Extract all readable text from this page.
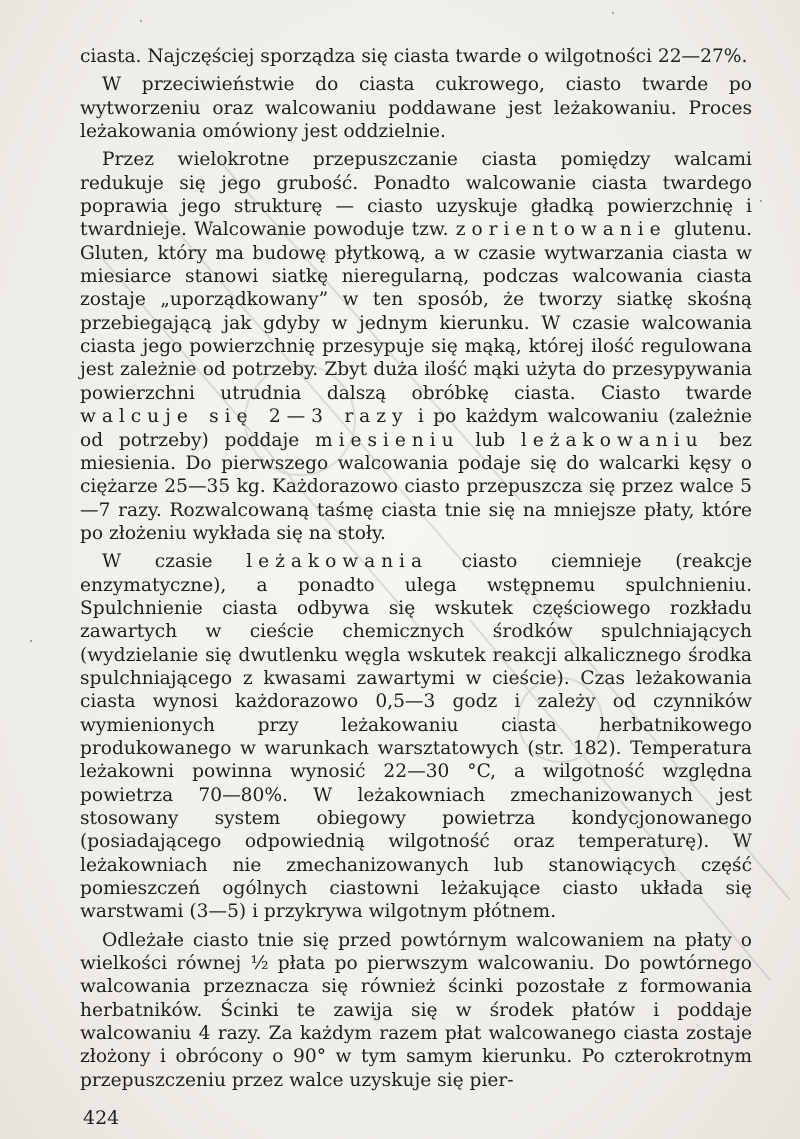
ciasta. Najczęściej sporządza się ciasta twarde o wilgotności 22—27%.

W przeciwieństwie do ciasta cukrowego, ciasto twarde po wytworzeniu oraz walcowaniu poddawane jest leżakowaniu. Proces leżakowania omówiony jest oddzielnie.

Przez wielokrotne przepuszczanie ciasta pomiędzy walcami redukuje się jego grubość. Ponadto walcowanie ciasta twardego poprawia jego strukturę — ciasto uzyskuje gładką powierzchnię i twardnieje. Walcowanie powoduje tzw. zorientowanie glutenu. Gluten, który ma budowę płytkową, a w czasie wytwarzania ciasta w miesiarce stanowi siatkę nieregularną, podczas walcowania ciasta zostaje „uporządkowany” w ten sposób, że tworzy siatkę skośną przebiegającą jak gdyby w jednym kierunku. W czasie walcowania ciasta jego powierzchnię przesypuje się mąką, której ilość regulowana jest zależnie od potrzeby. Zbyt duża ilość mąki użyta do przesypywania powierzchni utrudnia dalszą obróbkę ciasta. Ciasto twarde walcuje się 2—3 razy i po każdym walcowaniu (zależnie od potrzeby) poddaje miesieniu lub leżakowaniu bez miesienia. Do pierwszego walcowania podaje się do walcarki kęsy o ciężarze 25—35 kg. Każdorazowo ciasto przepuszcza się przez walce 5—7 razy. Rozwalcowaną taśmę ciasta tnie się na mniejsze płaty, które po złożeniu wykłada się na stoły.

W czasie leżakowania ciasto ciemnieje (reakcje enzymatyczne), a ponadto ulega wstępnemu spulchnieniu. Spulchnienie ciasta odbywa się wskutek częściowego rozkładu zawartych w cieście chemicznych środków spulchniających (wydzielanie się dwutlenku węgla wskutek reakcji alkalicznego środka spulchniającego z kwasami zawartymi w cieście). Czas leżakowania ciasta wynosi każdorazowo 0,5—3 godz i zależy od czynników wymienionych przy leżakowaniu ciasta herbatnikowego produkowanego w warunkach warsztatowych (str. 182). Temperatura leżakowni powinna wynosić 22—30 °C, a wilgotność względna powietrza 70—80%. W leżakowniach zmechanizowanych jest stosowany system obiegowy powietrza kondycjonowanego (posiadającego odpowiednią wilgotność oraz temperaturę). W leżakowniach nie zmechanizowanych lub stanowiących część pomieszczeń ogólnych ciastowni leżakujące ciasto układa się warstwami (3—5) i przykrywa wilgotnym płótnem.

Odleżałe ciasto tnie się przed powtórnym walcowaniem na płaty o wielkości równej ½ płata po pierwszym walcowaniu. Do powtórnego walcowania przeznacza się również ścinki pozostałe z formowania herbatników. Ścinki te zawija się w środek płatów i poddaje walcowaniu 4 razy. Za każdym razem płat walcowanego ciasta zostaje złożony i obrócony o 90° w tym samym kierunku. Po czterokrotnym przepuszczeniu przez walce uzyskuje się pier-

424
